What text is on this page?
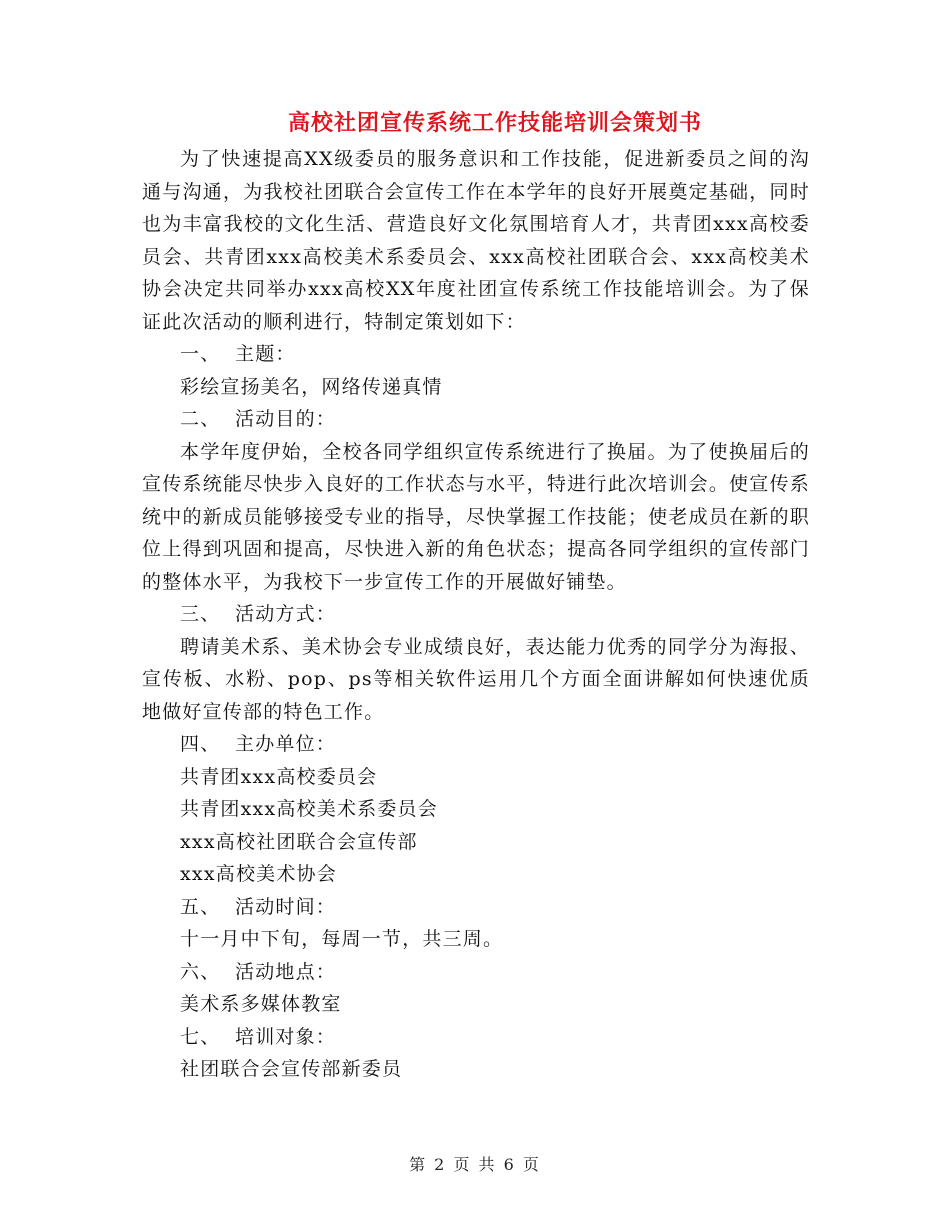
高校社团宣传系统工作技能培训会策划书

为了快速提高XX级委员的服务意识和工作技能，促进新委员之间的沟通与沟通，为我校社团联合会宣传工作在本学年的良好开展奠定基础，同时也为丰富我校的文化生活、营造良好文化氛围培育人才，共青团xxx高校委员会、共青团xxx高校美术系委员会、xxx高校社团联合会、xxx高校美术协会决定共同举办xxx高校XX年度社团宣传系统工作技能培训会。为了保证此次活动的顺利进行，特制定策划如下：

一、 主题：

彩绘宣扬美名，网络传递真情

二、 活动目的：

本学年度伊始，全校各同学组织宣传系统进行了换届。为了使换届后的宣传系统能尽快步入良好的工作状态与水平，特进行此次培训会。使宣传系统中的新成员能够接受专业的指导，尽快掌握工作技能；使老成员在新的职位上得到巩固和提高，尽快进入新的角色状态；提高各同学组织的宣传部门的整体水平，为我校下一步宣传工作的开展做好铺垫。

三、 活动方式：

聘请美术系、美术协会专业成绩良好，表达能力优秀的同学分为海报、宣传板、水粉、pop、ps等相关软件运用几个方面全面讲解如何快速优质地做好宣传部的特色工作。

四、 主办单位：

共青团xxx高校委员会

共青团xxx高校美术系委员会

xxx高校社团联合会宣传部

xxx高校美术协会

五、 活动时间：

十一月中下旬，每周一节，共三周。

六、 活动地点：

美术系多媒体教室

七、 培训对象：

社团联合会宣传部新委员

第 2 页 共 6 页
